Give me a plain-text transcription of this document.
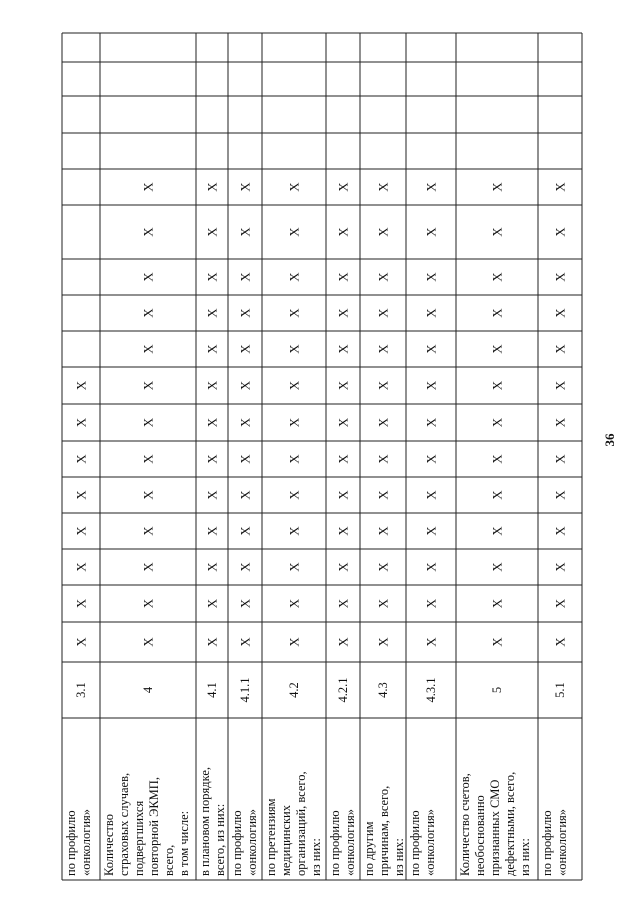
36
по профилю«онкология»
3.1
X
X
X
X
X
X
X
X
Количествостраховых случаев,подвергшихсяповторной ЭКМП,всего,в том числе:
4
X
X
X
X
X
X
X
X
X
X
X
X
X
в плановом порядке,всего, из них:
4.1
X
X
X
X
X
X
X
X
X
X
X
X
X
по профилю«онкология»
4.1.1
X
X
X
X
X
X
X
X
X
X
X
X
X
по претензияммедицинскихорганизаций, всего,из них:
4.2
X
X
X
X
X
X
X
X
X
X
X
X
X
по профилю«онкология»
4.2.1
X
X
X
X
X
X
X
X
X
X
X
X
X
по другимпричинам, всего,из них:
4.3
X
X
X
X
X
X
X
X
X
X
X
X
X
по профилю«онкология»
4.3.1
X
X
X
X
X
X
X
X
X
X
X
X
X
Количество счетов,необоснованнопризнанных СМОдефектными, всего,из них:
5
X
X
X
X
X
X
X
X
X
X
X
X
X
по профилю«онкология»
5.1
X
X
X
X
X
X
X
X
X
X
X
X
X
